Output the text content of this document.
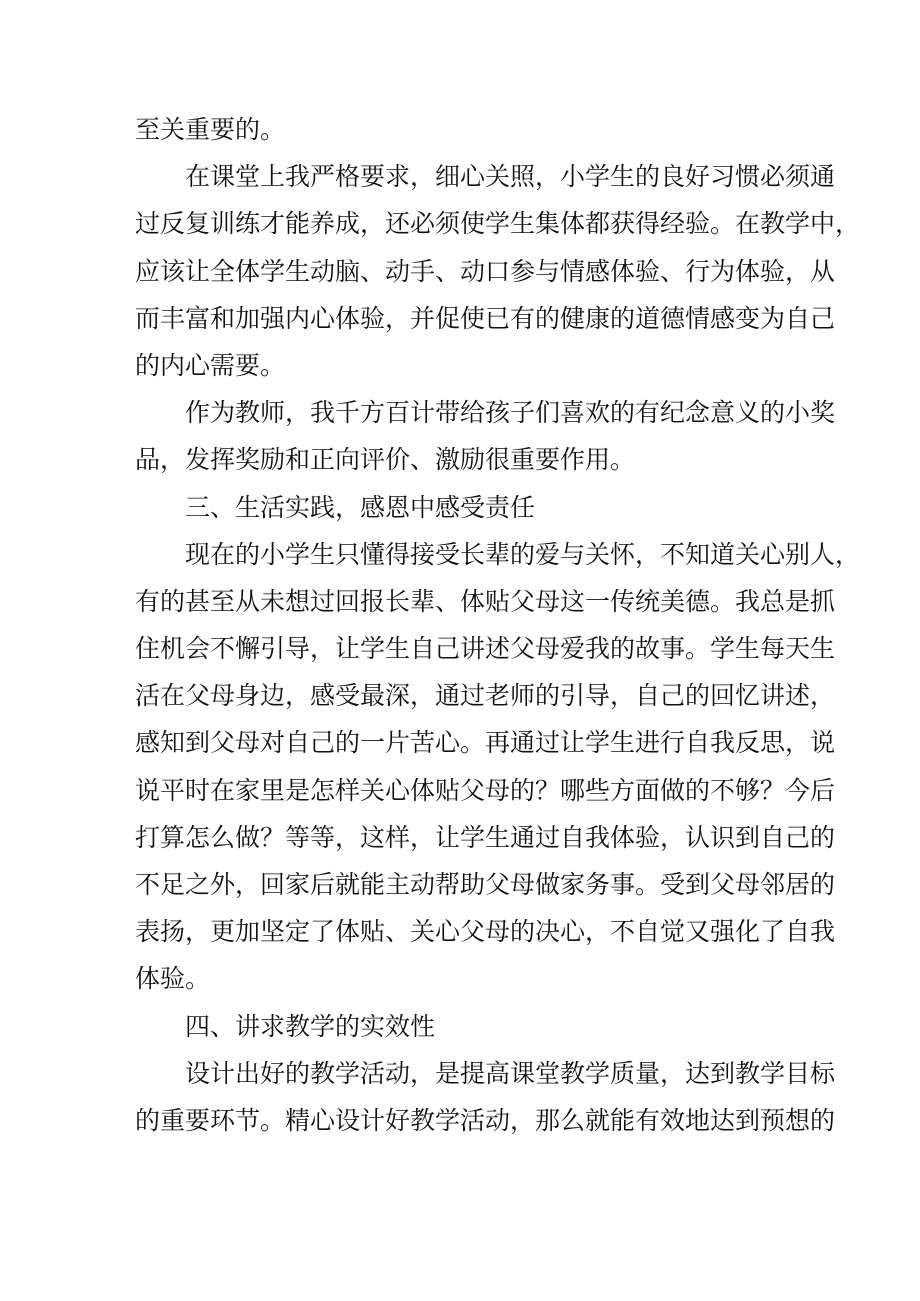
至关重要的。
在课堂上我严格要求，细心关照，小学生的良好习惯必须通
过反复训练才能养成，还必须使学生集体都获得经验。在教学中，
应该让全体学生动脑、动手、动口参与情感体验、行为体验，从
而丰富和加强内心体验，并促使已有的健康的道德情感变为自己
的内心需要。
作为教师，我千方百计带给孩子们喜欢的有纪念意义的小奖
品，发挥奖励和正向评价、激励很重要作用。
三、生活实践，感恩中感受责任
现在的小学生只懂得接受长辈的爱与关怀，不知道关心别人，
有的甚至从未想过回报长辈、体贴父母这一传统美德。我总是抓
住机会不懈引导，让学生自己讲述父母爱我的故事。学生每天生
活在父母身边，感受最深，通过老师的引导，自己的回忆讲述，
感知到父母对自己的一片苦心。再通过让学生进行自我反思，说
说平时在家里是怎样关心体贴父母的？哪些方面做的不够？今后
打算怎么做？等等，这样，让学生通过自我体验，认识到自己的
不足之外，回家后就能主动帮助父母做家务事。受到父母邻居的
表扬，更加坚定了体贴、关心父母的决心，不自觉又强化了自我
体验。
四、讲求教学的实效性
设计出好的教学活动，是提高课堂教学质量，达到教学目标
的重要环节。精心设计好教学活动，那么就能有效地达到预想的
